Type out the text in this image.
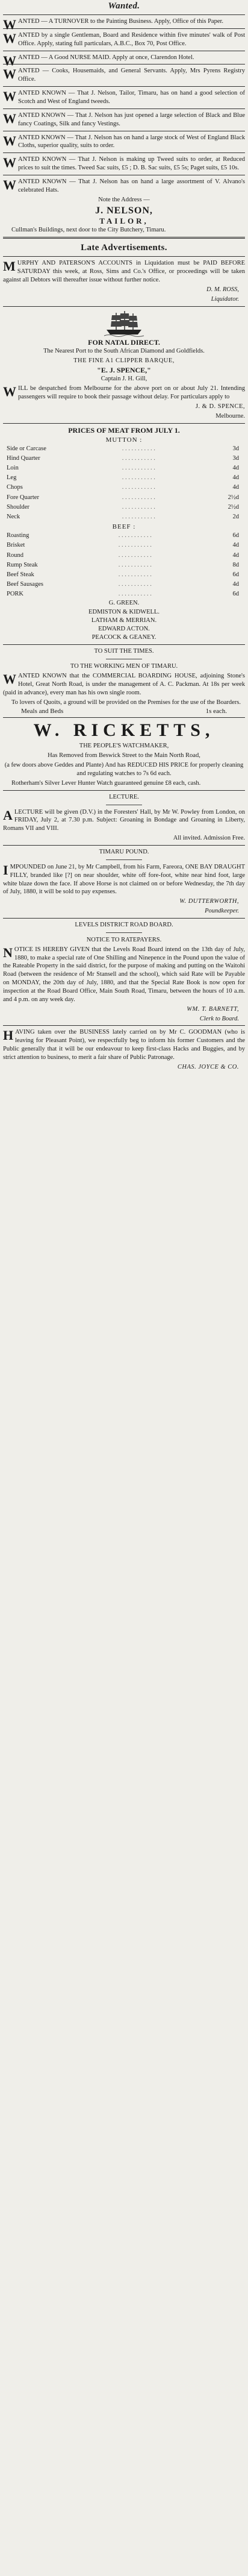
Wanted.
WANTED — A TURNOVER to the Painting Business. Apply, Office of this Paper.
WANTED by a single Gentleman, Board and Residence within five minutes' walk of Post Office. Apply, stating full particulars, A.B.C., Box 70, Post Office.
WANTED — A Good NURSE MAID. Apply at once, Clarendon Hotel.
WANTED — Cooks, Housemaids, and General Servants. Apply, Mrs Pyrens Registry Office.
WANTED KNOWN — That J. Nelson, Tailor, Timaru, has on hand a good selection of Scotch and West of England tweeds.
WANTED KNOWN — That J. Nelson has just opened a large selection of Black and Blue fancy Coatings, Silk and fancy Vestings.
WANTED KNOWN — That J. Nelson has on hand a large stock of West of England Black Cloths, superior quality, suits to order.
WANTED KNOWN — That J. Nelson is making up Tweed suits to order, at Reduced prices to suit the times. Tweed Sac suits, £5 ; D. B. Sac suits, £5 5s; Paget suits, £5 10s.
WANTED KNOWN — That J. Nelson has on hand a large assortment of V. Alvano's celebrated Hats.
Note the Address —
J. NELSON,
TAILOR,
Cullman's Buildings, next door to the City Butchery, Timaru.
Late Advertisements.
MURPHY AND PATERSON'S ACCOUNTS in Liquidation must be PAID BEFORE SATURDAY this week, at Ross, Sims and Co.'s Office, or proceedings will be taken against all Debtors will thereafter issue without further notice.
D. M. ROSS,
Liquidator.
FOR NATAL DIRECT.
The Nearest Port to the South African Diamond and Goldfields.
THE FINE A1 CLIPPER BARQUE,
"E. J. SPENCE,"
Captain J. H. Gill,
WILL be despatched from Melbourne for the above port on or about July 21. Intending passengers will require to book their passage without delay. For particulars apply to
J. & D. SPENCE,
Melbourne.
PRICES OF MEAT FROM JULY 1.
MUTTON :
Side or Carcase	. . . . . . . . . . .	3d
Hind Quarter	. . . . . . . . . . .	3d
Loin	. . . . . . . . . . .	4d
Leg	. . . . . . . . . . .	4d
Chops	. . . . . . . . . . .	4d
Fore Quarter	. . . . . . . . . . .	2½d
Shoulder	. . . . . . . . . . .	2½d
Neck	. . . . . . . . . . .	2d
BEEF :
Roasting	. . . . . . . . . . .	6d
Brisket	. . . . . . . . . . .	4d
Round	. . . . . . . . . . .	4d
Rump Steak	. . . . . . . . . . .	8d
Beef Steak	. . . . . . . . . . .	6d
Beef Sausages	. . . . . . . . . . .	4d
PORK	. . . . . . . . . . .	6d
G. GREEN.
EDMISTON & KIDWELL.
LATHAM & MERRIAN.
EDWARD ACTON.
PEACOCK & GEANEY.
TO SUIT THE TIMES.
TO THE WORKING MEN OF TIMARU.
WANTED KNOWN that the COMMERCIAL BOARDING HOUSE, adjoining Stone's Hotel, Great North Road, is under the management of A. C. Packman. At 18s per week (paid in advance), every man has his own single room.
To lovers of Quoits, a ground will be provided on the Premises for the use of the Boarders.
Meals and Beds	1s each.
W. RICKETTS,
THE PEOPLE'S WATCHMAKER,
Has Removed from Beswick Street to the Main North Road,
(a few doors above Geddes and Plante) And has REDUCED HIS PRICE for properly cleaning and regulating watches to 7s 6d each.
Rotherham's Silver Lever Hunter Watch guaranteed genuine £8 each, cash.
LECTURE.
ALECTURE will be given (D.V.) in the Foresters' Hall, by Mr W. Powley from London, on FRIDAY, July 2, at 7.30 p.m. Subject: Groaning in Bondage and Groaning in Liberty, Romans VII and VIII.
All invited. Admission Free.
TIMARU POUND.
IMPOUNDED on June 21, by Mr Campbell, from his Farm, Fareora, ONE BAY DRAUGHT FILLY, branded like [?] on near shoulder, white off fore-foot, white near hind foot, large white blaze down the face. If above Horse is not claimed on or before Wednesday, the 7th day of July, 1880, it will be sold to pay expenses.
W. DUTTERWORTH,
Poundkeeper.
LEVELS DISTRICT ROAD BOARD.
NOTICE TO RATEPAYERS.
NOTICE IS HEREBY GIVEN that the Levels Road Board intend on the 13th day of July, 1880, to make a special rate of One Shilling and Ninepence in the Pound upon the value of the Rateable Property in the said district, for the purpose of making and putting on the Waitohi Road (between the residence of Mr Stansell and the school), which said Rate will be Payable on MONDAY, the 20th day of July, 1880, and that the Special Rate Book is now open for inspection at the Road Board Office, Main South Road, Timaru, between the hours of 10 a.m. and 4 p.m. on any week day.
WM. T. BARNETT,
Clerk to Board.
HAVING taken over the BUSINESS lately carried on by Mr C. GOODMAN (who is leaving for Pleasant Point), we respectfully beg to inform his former Customers and the Public generally that it will be our endeavour to keep first-class Hacks and Buggies, and by strict attention to business, to merit a fair share of Public Patronage.
CHAS. JOYCE & CO.
